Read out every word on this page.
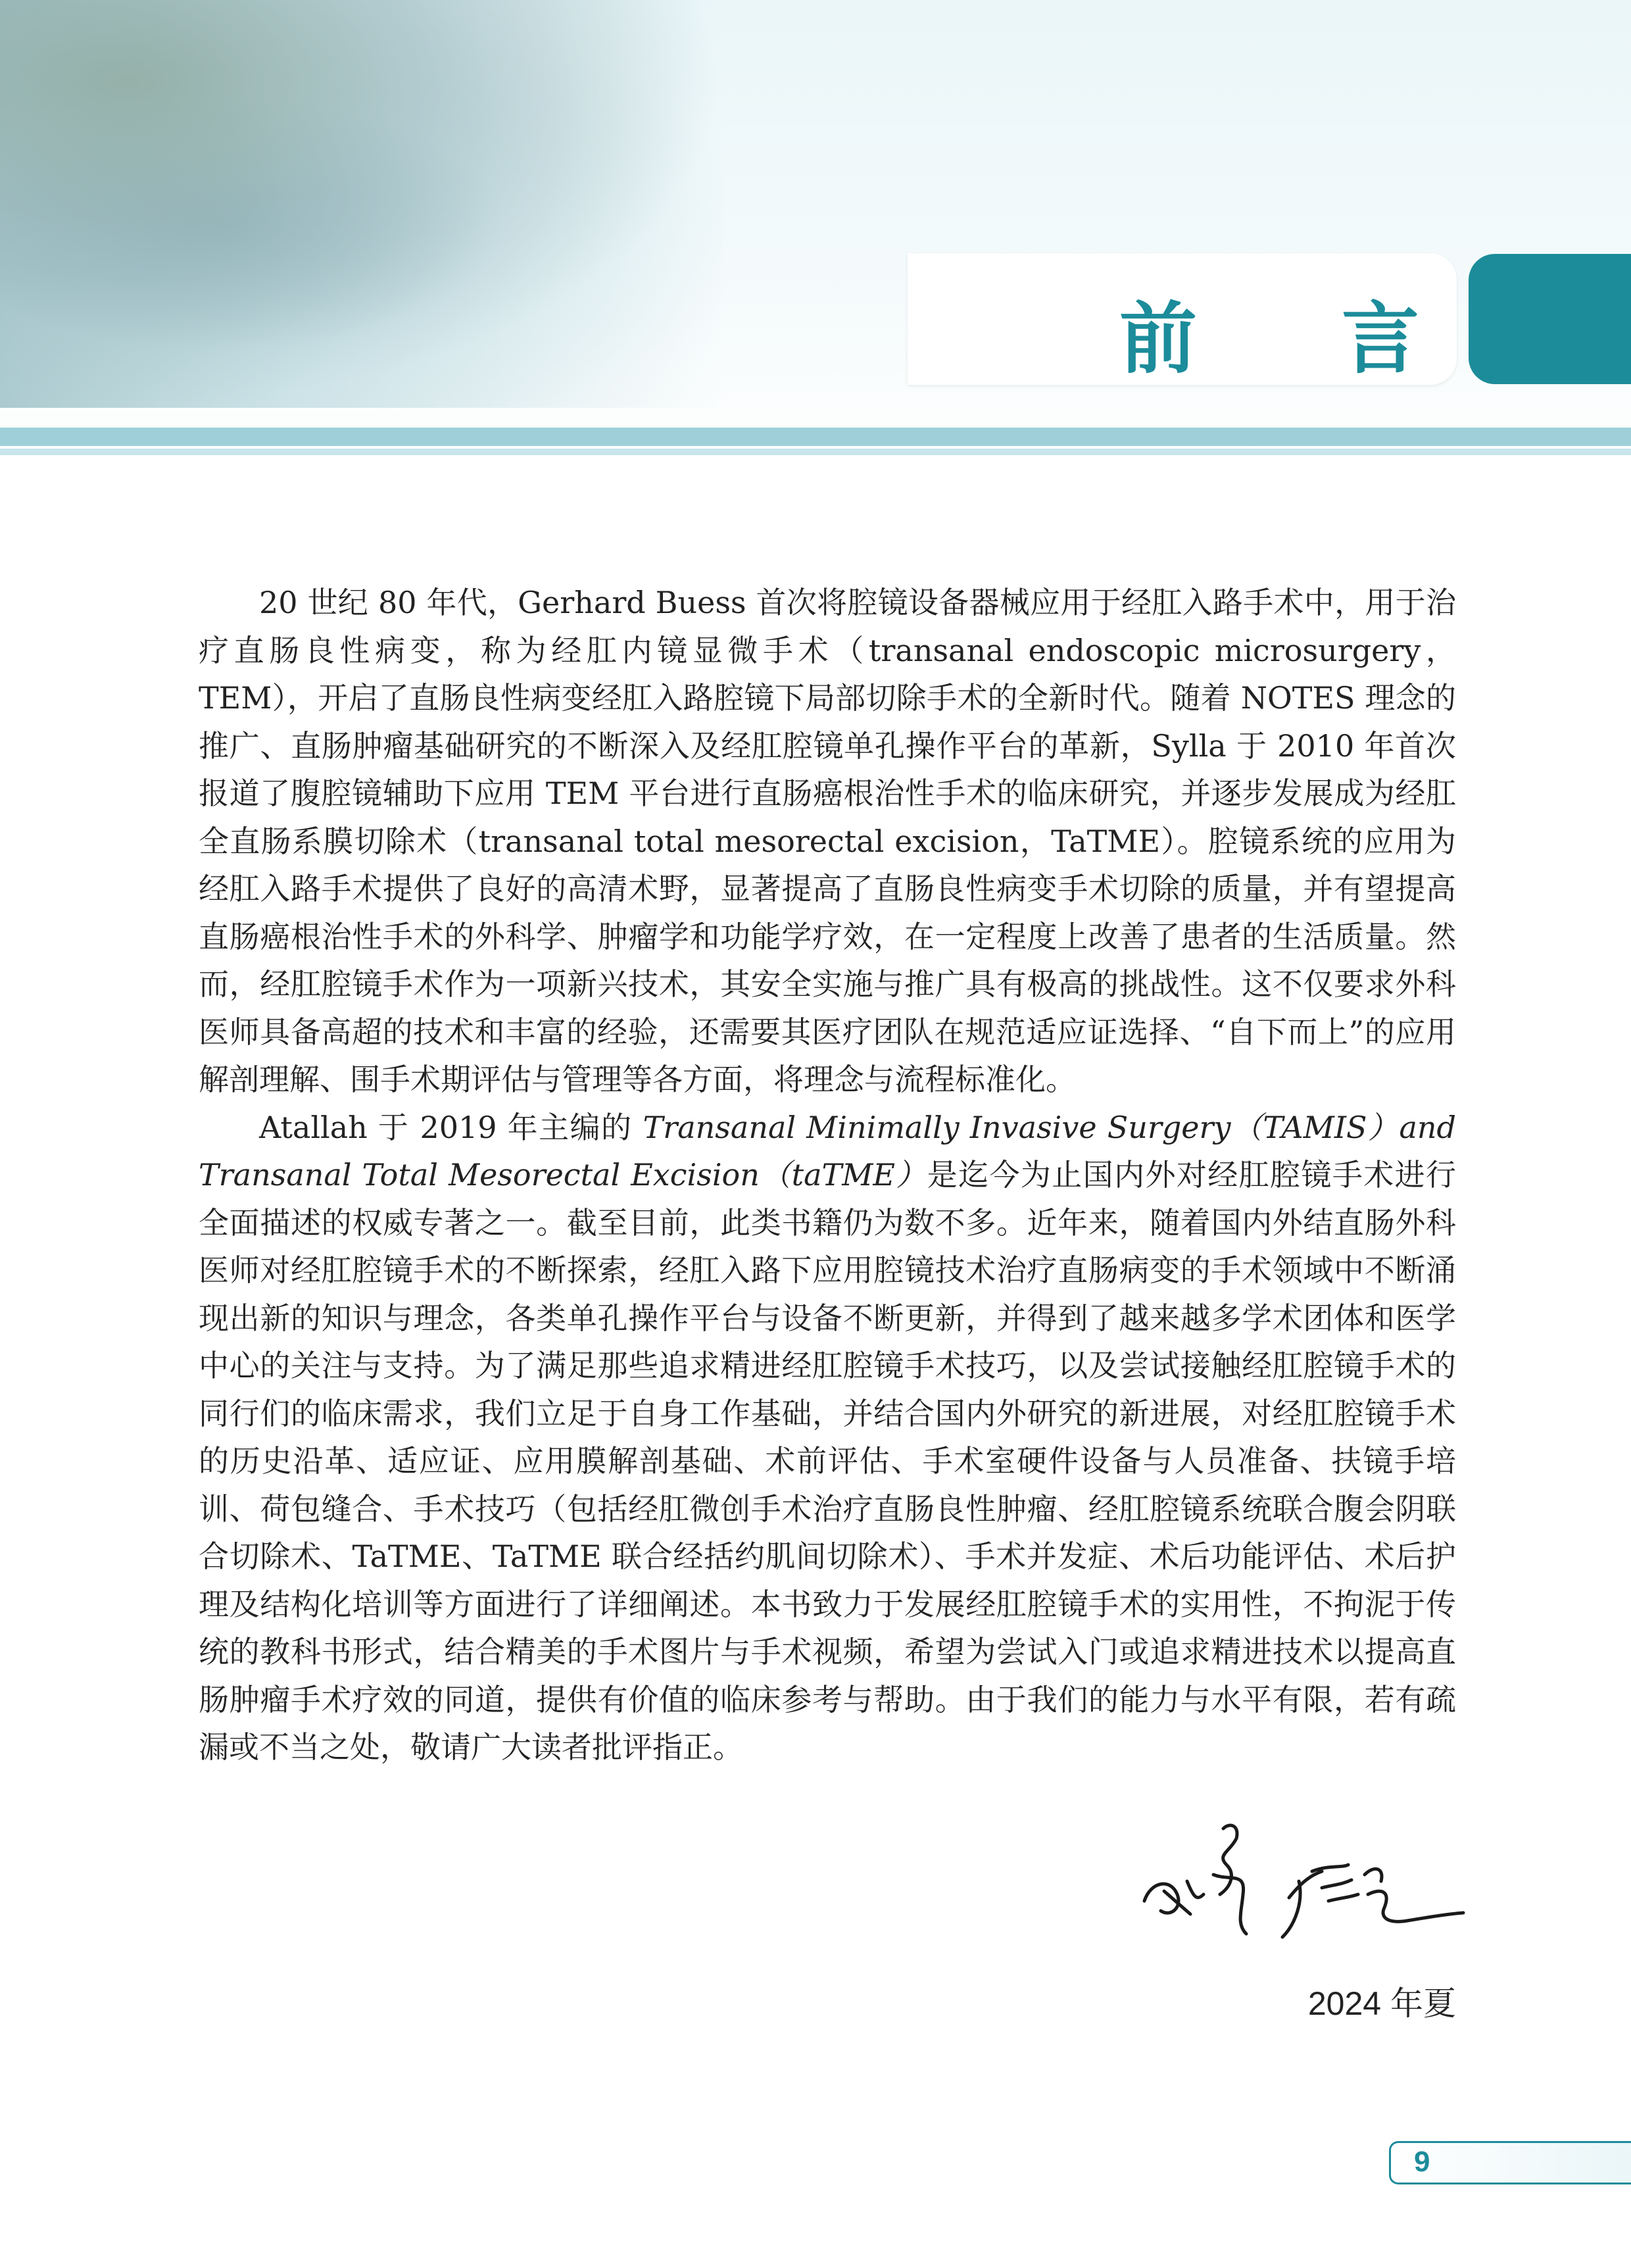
前 言

20 世纪 80 年代，Gerhard Buess 首次将腔镜设备器械应用于经肛入路手术中，用于治疗直肠良性病变，称为经肛内镜显微手术（transanal endoscopic microsurgery，TEM），开启了直肠良性病变经肛入路腔镜下局部切除手术的全新时代。随着 NOTES 理念的推广、直肠肿瘤基础研究的不断深入及经肛腔镜单孔操作平台的革新，Sylla 于 2010 年首次报道了腹腔镜辅助下应用 TEM 平台进行直肠癌根治性手术的临床研究，并逐步发展成为经肛全直肠系膜切除术（transanal total mesorectal excision，TaTME）。腔镜系统的应用为经肛入路手术提供了良好的高清术野，显著提高了直肠良性病变手术切除的质量，并有望提高直肠癌根治性手术的外科学、肿瘤学和功能学疗效，在一定程度上改善了患者的生活质量。然而，经肛腔镜手术作为一项新兴技术，其安全实施与推广具有极高的挑战性。这不仅要求外科医师具备高超的技术和丰富的经验，还需要其医疗团队在规范适应证选择、“自下而上”的应用解剖理解、围手术期评估与管理等各方面，将理念与流程标准化。

Atallah 于 2019 年主编的 Transanal Minimally Invasive Surgery（TAMIS）and Transanal Total Mesorectal Excision（taTME）是迄今为止国内外对经肛腔镜手术进行全面描述的权威专著之一。截至目前，此类书籍仍为数不多。近年来，随着国内外结直肠外科医师对经肛腔镜手术的不断探索，经肛入路下应用腔镜技术治疗直肠病变的手术领域中不断涌现出新的知识与理念，各类单孔操作平台与设备不断更新，并得到了越来越多学术团体和医学中心的关注与支持。为了满足那些追求精进经肛腔镜手术技巧，以及尝试接触经肛腔镜手术的同行们的临床需求，我们立足于自身工作基础，并结合国内外研究的新进展，对经肛腔镜手术的历史沿革、适应证、应用膜解剖基础、术前评估、手术室硬件设备与人员准备、扶镜手培训、荷包缝合、手术技巧（包括经肛微创手术治疗直肠良性肿瘤、经肛腔镜系统联合腹会阴联合切除术、TaTME、TaTME 联合经括约肌间切除术）、手术并发症、术后功能评估、术后护理及结构化培训等方面进行了详细阐述。本书致力于发展经肛腔镜手术的实用性，不拘泥于传统的教科书形式，结合精美的手术图片与手术视频，希望为尝试入门或追求精进技术以提高直肠肿瘤手术疗效的同道，提供有价值的临床参考与帮助。由于我们的能力与水平有限，若有疏漏或不当之处，敬请广大读者批评指正。

2024 年夏
9
